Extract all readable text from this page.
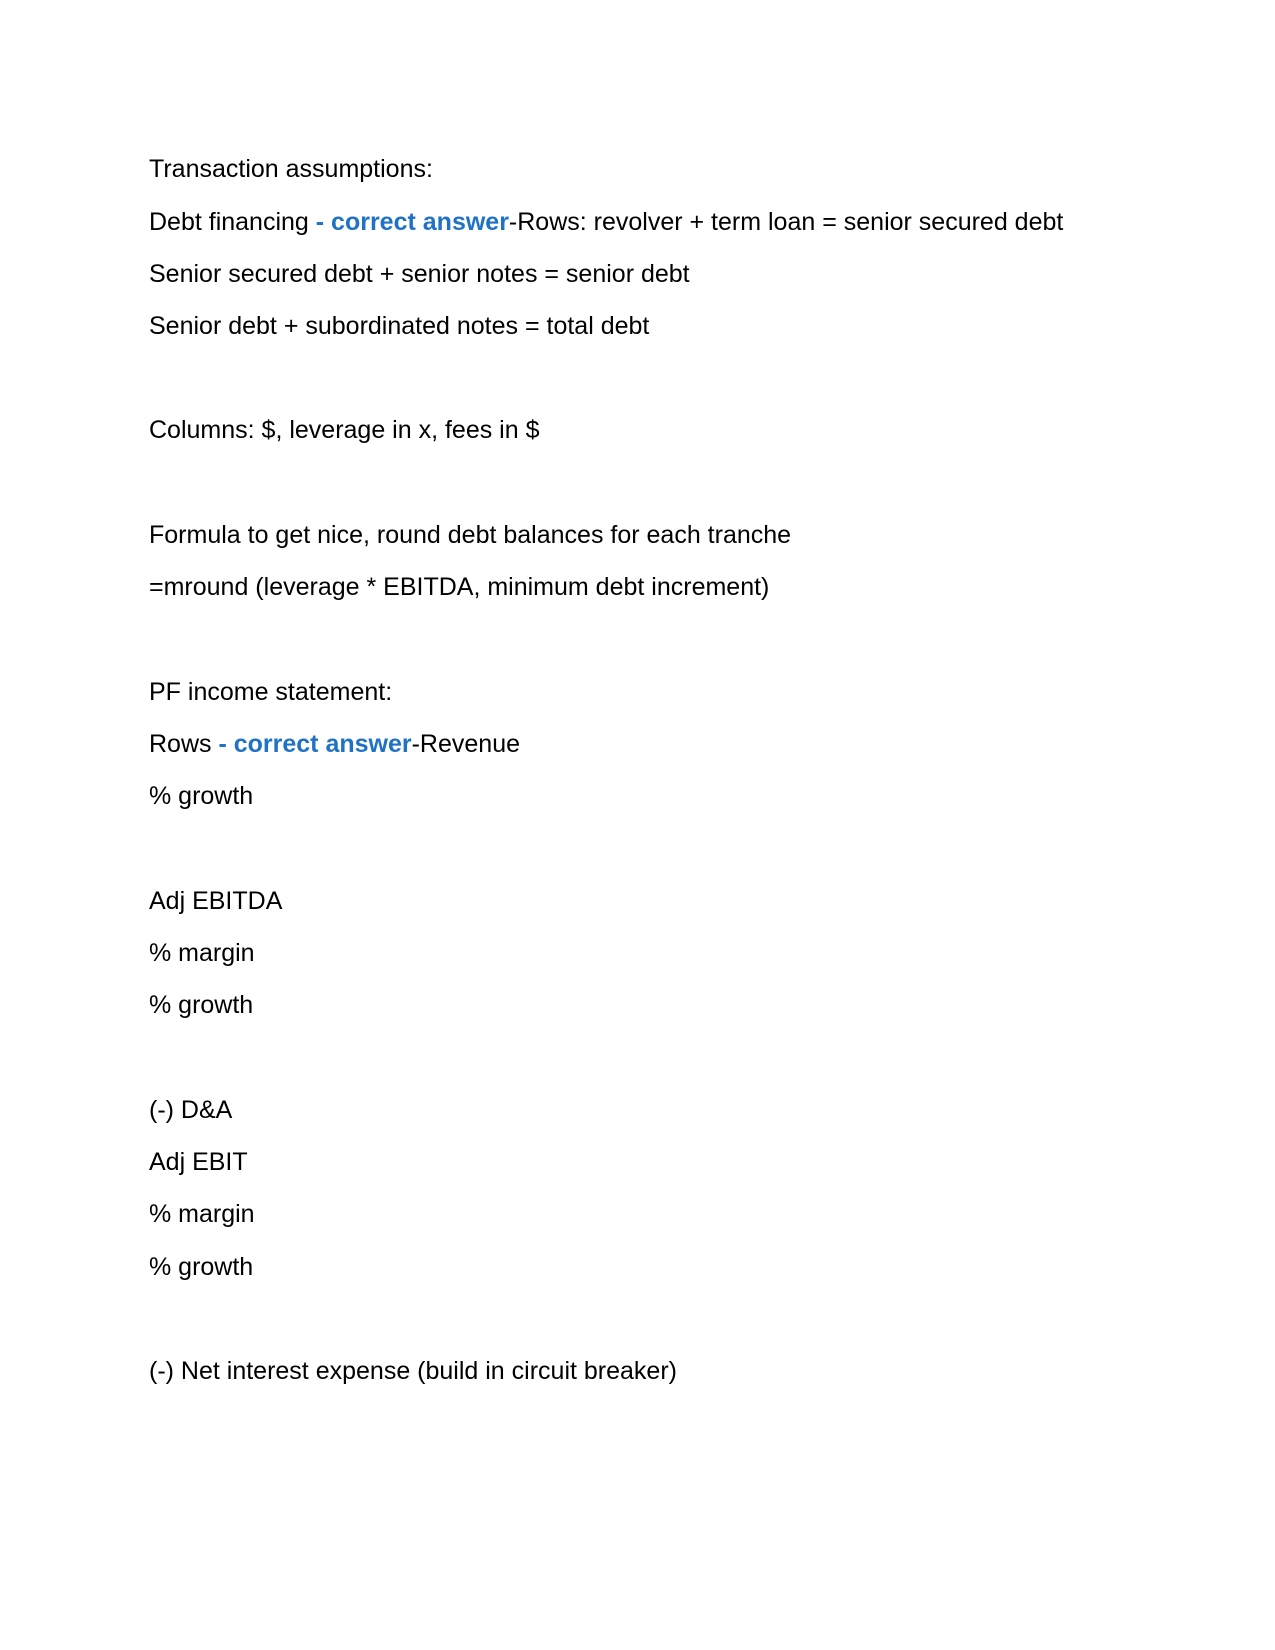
Transaction assumptions:
Debt financing - correct answer-Rows: revolver + term loan = senior secured debt
Senior secured debt + senior notes = senior debt
Senior debt + subordinated notes = total debt
Columns: $, leverage in x, fees in $
Formula to get nice, round debt balances for each tranche
=mround (leverage * EBITDA, minimum debt increment)
PF income statement:
Rows - correct answer-Revenue
% growth
Adj EBITDA
% margin
% growth
(-) D&A
Adj EBIT
% margin
% growth
(-) Net interest expense (build in circuit breaker)
